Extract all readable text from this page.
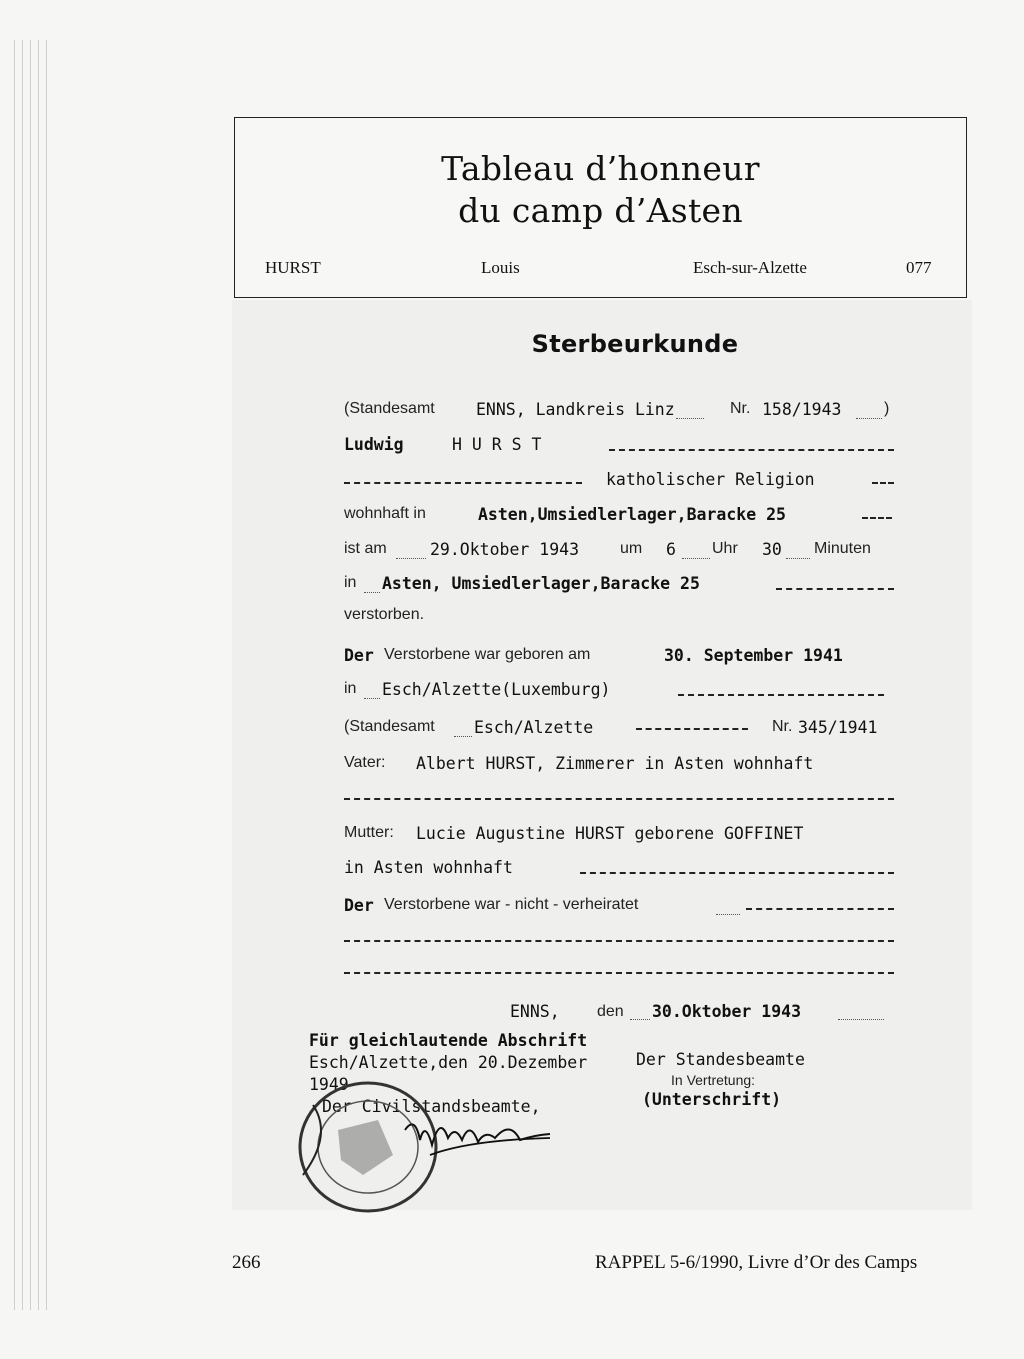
Tableau d’honneur
du camp d’Asten
HURST	Louis	Esch-sur-Alzette	077
Sterbeurkunde
(Standesamt	ENNS, Landkreis Linz	Nr. 158/1943	)
Ludwig	H U R S T
katholischer Religion
wohnhaft in	Asten,Umsiedlerlager,Baracke 25
ist am	29.Oktober 1943	um 6 Uhr 30 Minuten
in Asten, Umsiedlerlager,Baracke 25
verstorben.
Der Verstorbene war geboren am	30. September 1941
in Esch/Alzette(Luxemburg)
(Standesamt Esch/Alzette	Nr. 345/1941
Vater: Albert HURST, Zimmerer in Asten wohnhaft
Mutter: Lucie Augustine HURST geborene GOFFINET
in Asten wohnhaft
Der Verstorbene war - nicht - verheiratet
ENNS, den 30.Oktober 1943
Für gleichlautende Abschrift
Esch/Alzette,den 20.Dezember
1949
Der Civilstandsbeamte,
Der Standesbeamte
In Vertretung:
(Unterschrift)
266	RAPPEL 5-6/1990, Livre d’Or des Camps
